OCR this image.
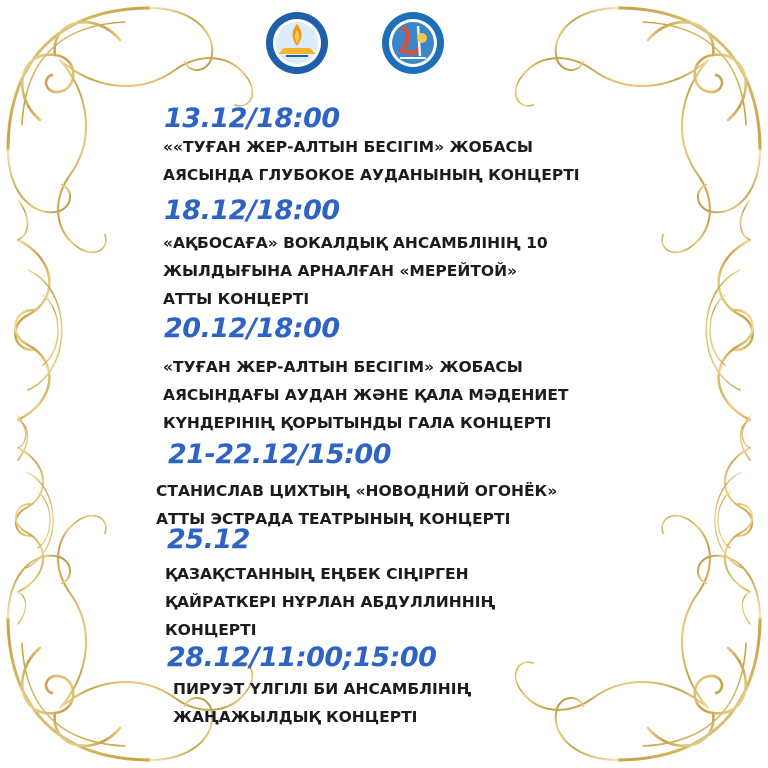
13.12/18:00

««ТУҒАН ЖЕР-АЛТЫН БЕСІГІМ» ЖОБАСЫ
АЯСЫНДА ГЛУБОКОЕ АУДАНЫНЫҢ КОНЦЕРТІ

18.12/18:00

«АҚБОСАҒА» ВОКАЛДЫҚ АНСАМБЛІНІҢ 10
ЖЫЛДЫҒЫНА АРНАЛҒАН «МЕРЕЙТОЙ»
АТТЫ КОНЦЕРТІ

20.12/18:00

«ТУҒАН ЖЕР-АЛТЫН БЕСІГІМ» ЖОБАСЫ
АЯСЫНДАҒЫ АУДАН ЖӘНЕ ҚАЛА МӘДЕНИЕТ
КҮНДЕРІНІҢ ҚОРЫТЫНДЫ ГАЛА КОНЦЕРТІ

21-22.12/15:00

СТАНИСЛАВ ЦИХТЫҢ «НОВОДНИЙ ОГОНЁК»
АТТЫ ЭСТРАДА ТЕАТРЫНЫҢ КОНЦЕРТІ

25.12

ҚАЗАҚСТАННЫҢ ЕҢБЕК СІҢІРГЕН
ҚАЙРАТКЕРІ НҰРЛАН АБДУЛЛИННІҢ
КОНЦЕРТІ

28.12/11:00;15:00

ПИРУЭТ ҮЛГІЛІ БИ АНСАМБЛІНІҢ
ЖАҢАЖЫЛДЫҚ КОНЦЕРТІ
